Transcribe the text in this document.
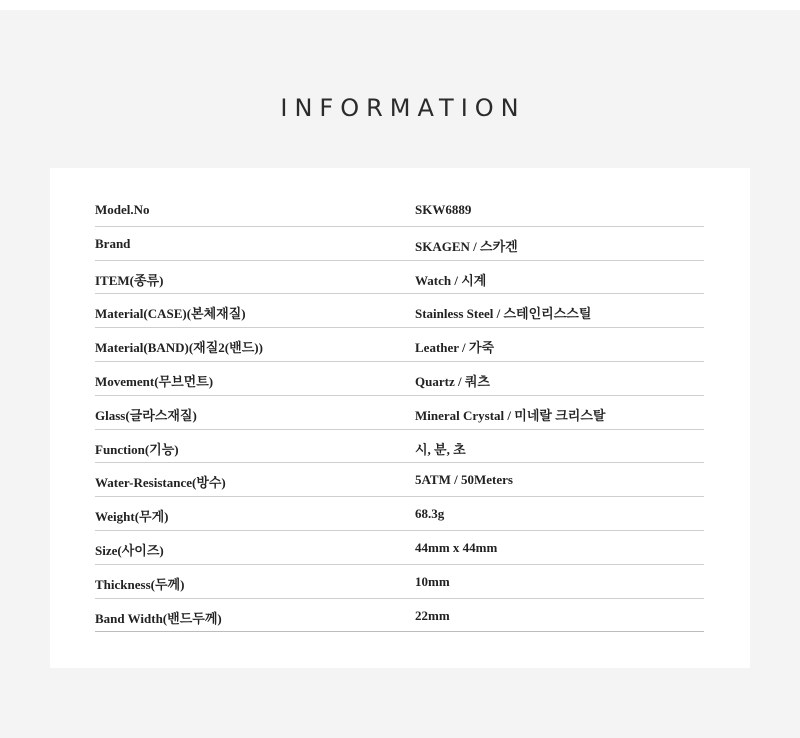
INFORMATION
Model.No	SKW6889
Brand	SKAGEN / 스카겐
ITEM(종류)	Watch / 시계
Material(CASE)(본체재질)	Stainless Steel / 스테인리스스틸
Material(BAND)(재질2(밴드))	Leather / 가죽
Movement(무브먼트)	Quartz / 쿼츠
Glass(글라스재질)	Mineral Crystal / 미네랄 크리스탈
Function(기능)	시, 분, 초
Water-Resistance(방수)	5ATM / 50Meters
Weight(무게)	68.3g
Size(사이즈)	44mm x 44mm
Thickness(두께)	10mm
Band Width(밴드두께)	22mm
